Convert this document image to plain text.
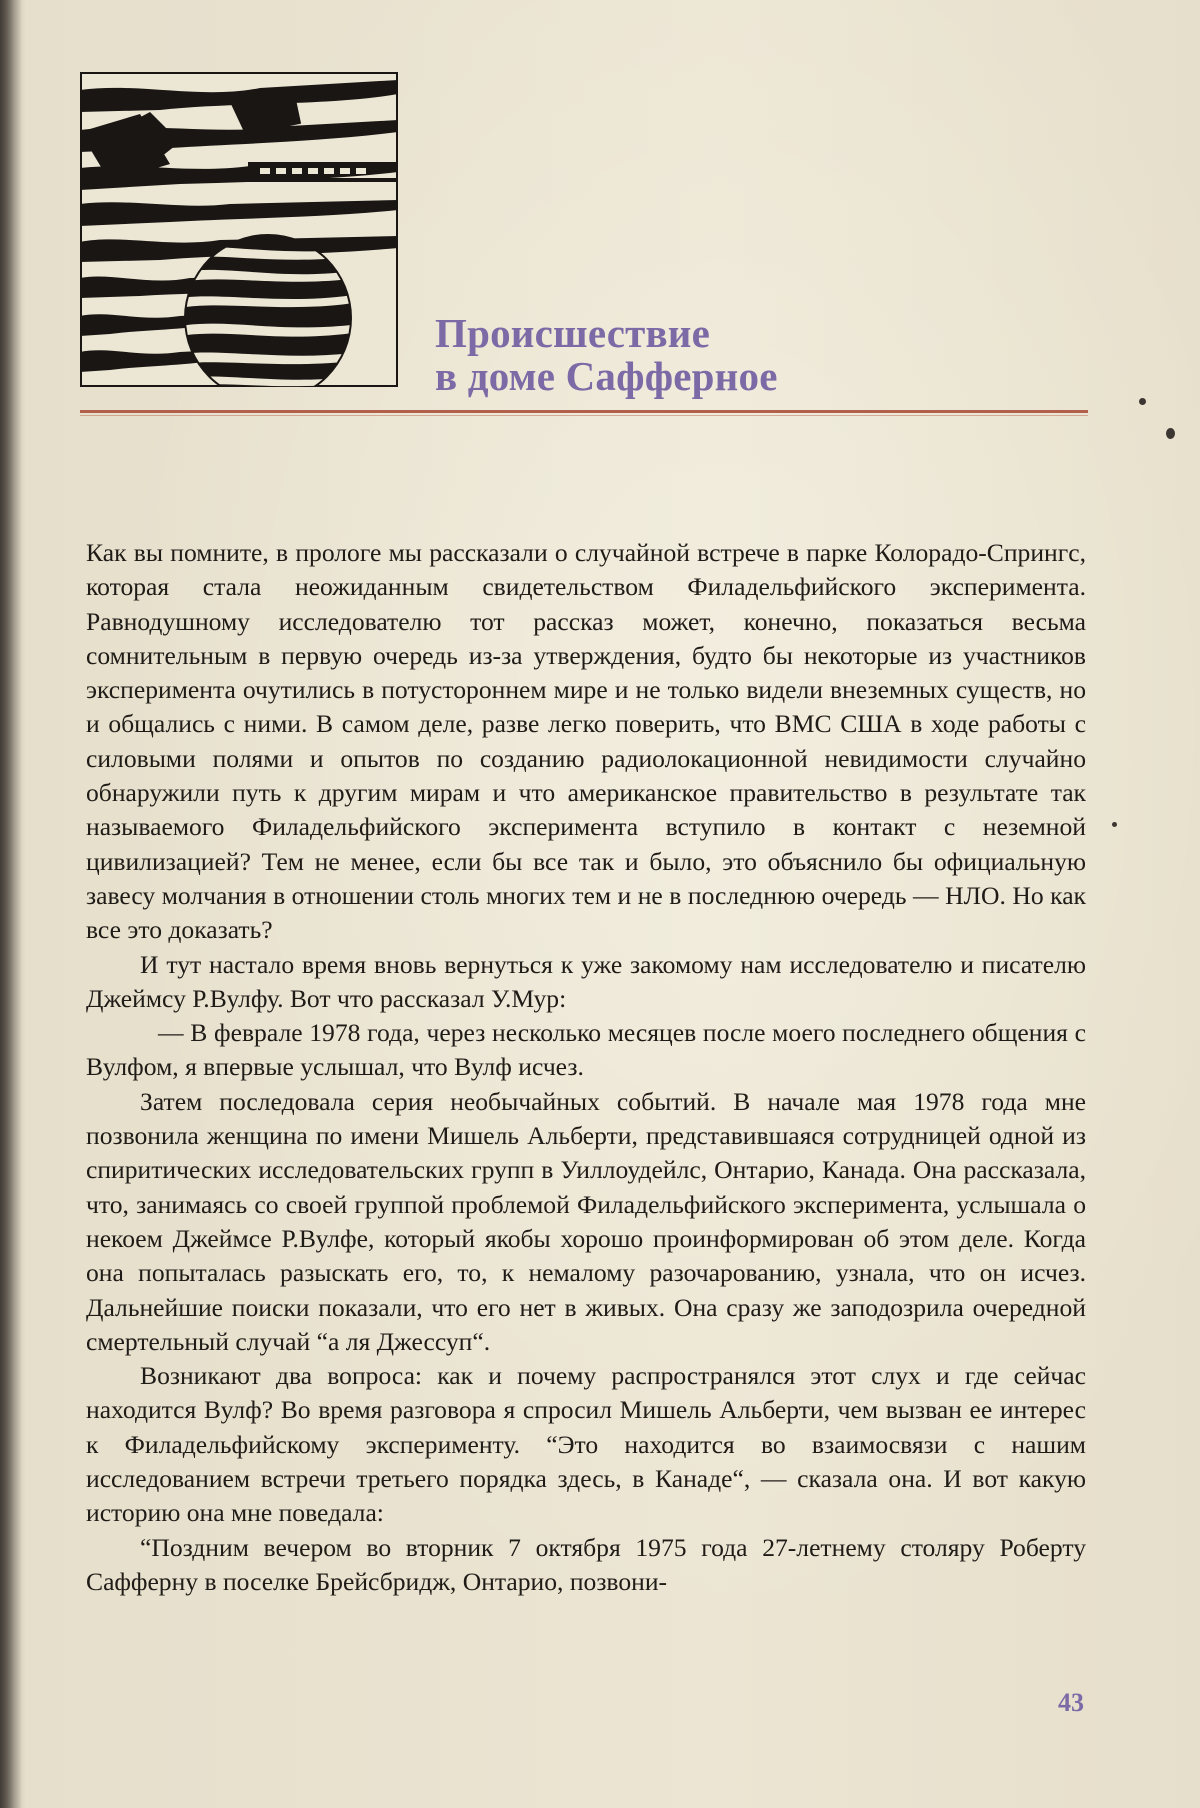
Происшествие
в доме Сафферное

Как вы помните, в прологе мы рассказали о случайной встрече в парке Колорадо-Спрингс, которая стала неожиданным свидетельством Филадельфийского эксперимента. Равнодушному исследователю тот рассказ может, конечно, показаться весьма сомнительным в первую очередь из-за утверждения, будто бы некоторые из участников эксперимента очутились в потустороннем мире и не только видели внеземных существ, но и общались с ними. В самом деле, разве легко поверить, что ВМС США в ходе работы с силовыми полями и опытов по созданию радиолокационной невидимости случайно обнаружили путь к другим мирам и что американское правительство в результате так называемого Филадельфийского эксперимента вступило в контакт с неземной цивилизацией? Тем не менее, если бы все так и было, это объяснило бы официальную завесу молчания в отношении столь многих тем и не в последнюю очередь — НЛО. Но как все это доказать?

И тут настало время вновь вернуться к уже закомому нам исследователю и писателю Джеймсу Р.Вулфу. Вот что рассказал У.Мур:

— В феврале 1978 года, через несколько месяцев после моего последнего общения с Вулфом, я впервые услышал, что Вулф исчез.

Затем последовала серия необычайных событий. В начале мая 1978 года мне позвонила женщина по имени Мишель Альберти, представившаяся сотрудницей одной из спиритических исследовательских групп в Уиллоудейлс, Онтарио, Канада. Она рассказала, что, занимаясь со своей группой проблемой Филадельфийского эксперимента, услышала о некоем Джеймсе Р.Вулфе, который якобы хорошо проинформирован об этом деле. Когда она попыталась разыскать его, то, к немалому разочарованию, узнала, что он исчез. Дальнейшие поиски показали, что его нет в живых. Она сразу же заподозрила очередной смертельный случай “а ля Джессуп“.

Возникают два вопроса: как и почему распространялся этот слух и где сейчас находится Вулф? Во время разговора я спросил Мишель Альберти, чем вызван ее интерес к Филадельфийскому эксперименту. “Это находится во взаимосвязи с нашим исследованием встречи третьего порядка здесь, в Канаде“, — сказала она. И вот какую историю она мне поведала:

“Поздним вечером во вторник 7 октября 1975 года 27-летнему столяру Роберту Сафферну в поселке Брейсбридж, Онтарио, позвони-

43
